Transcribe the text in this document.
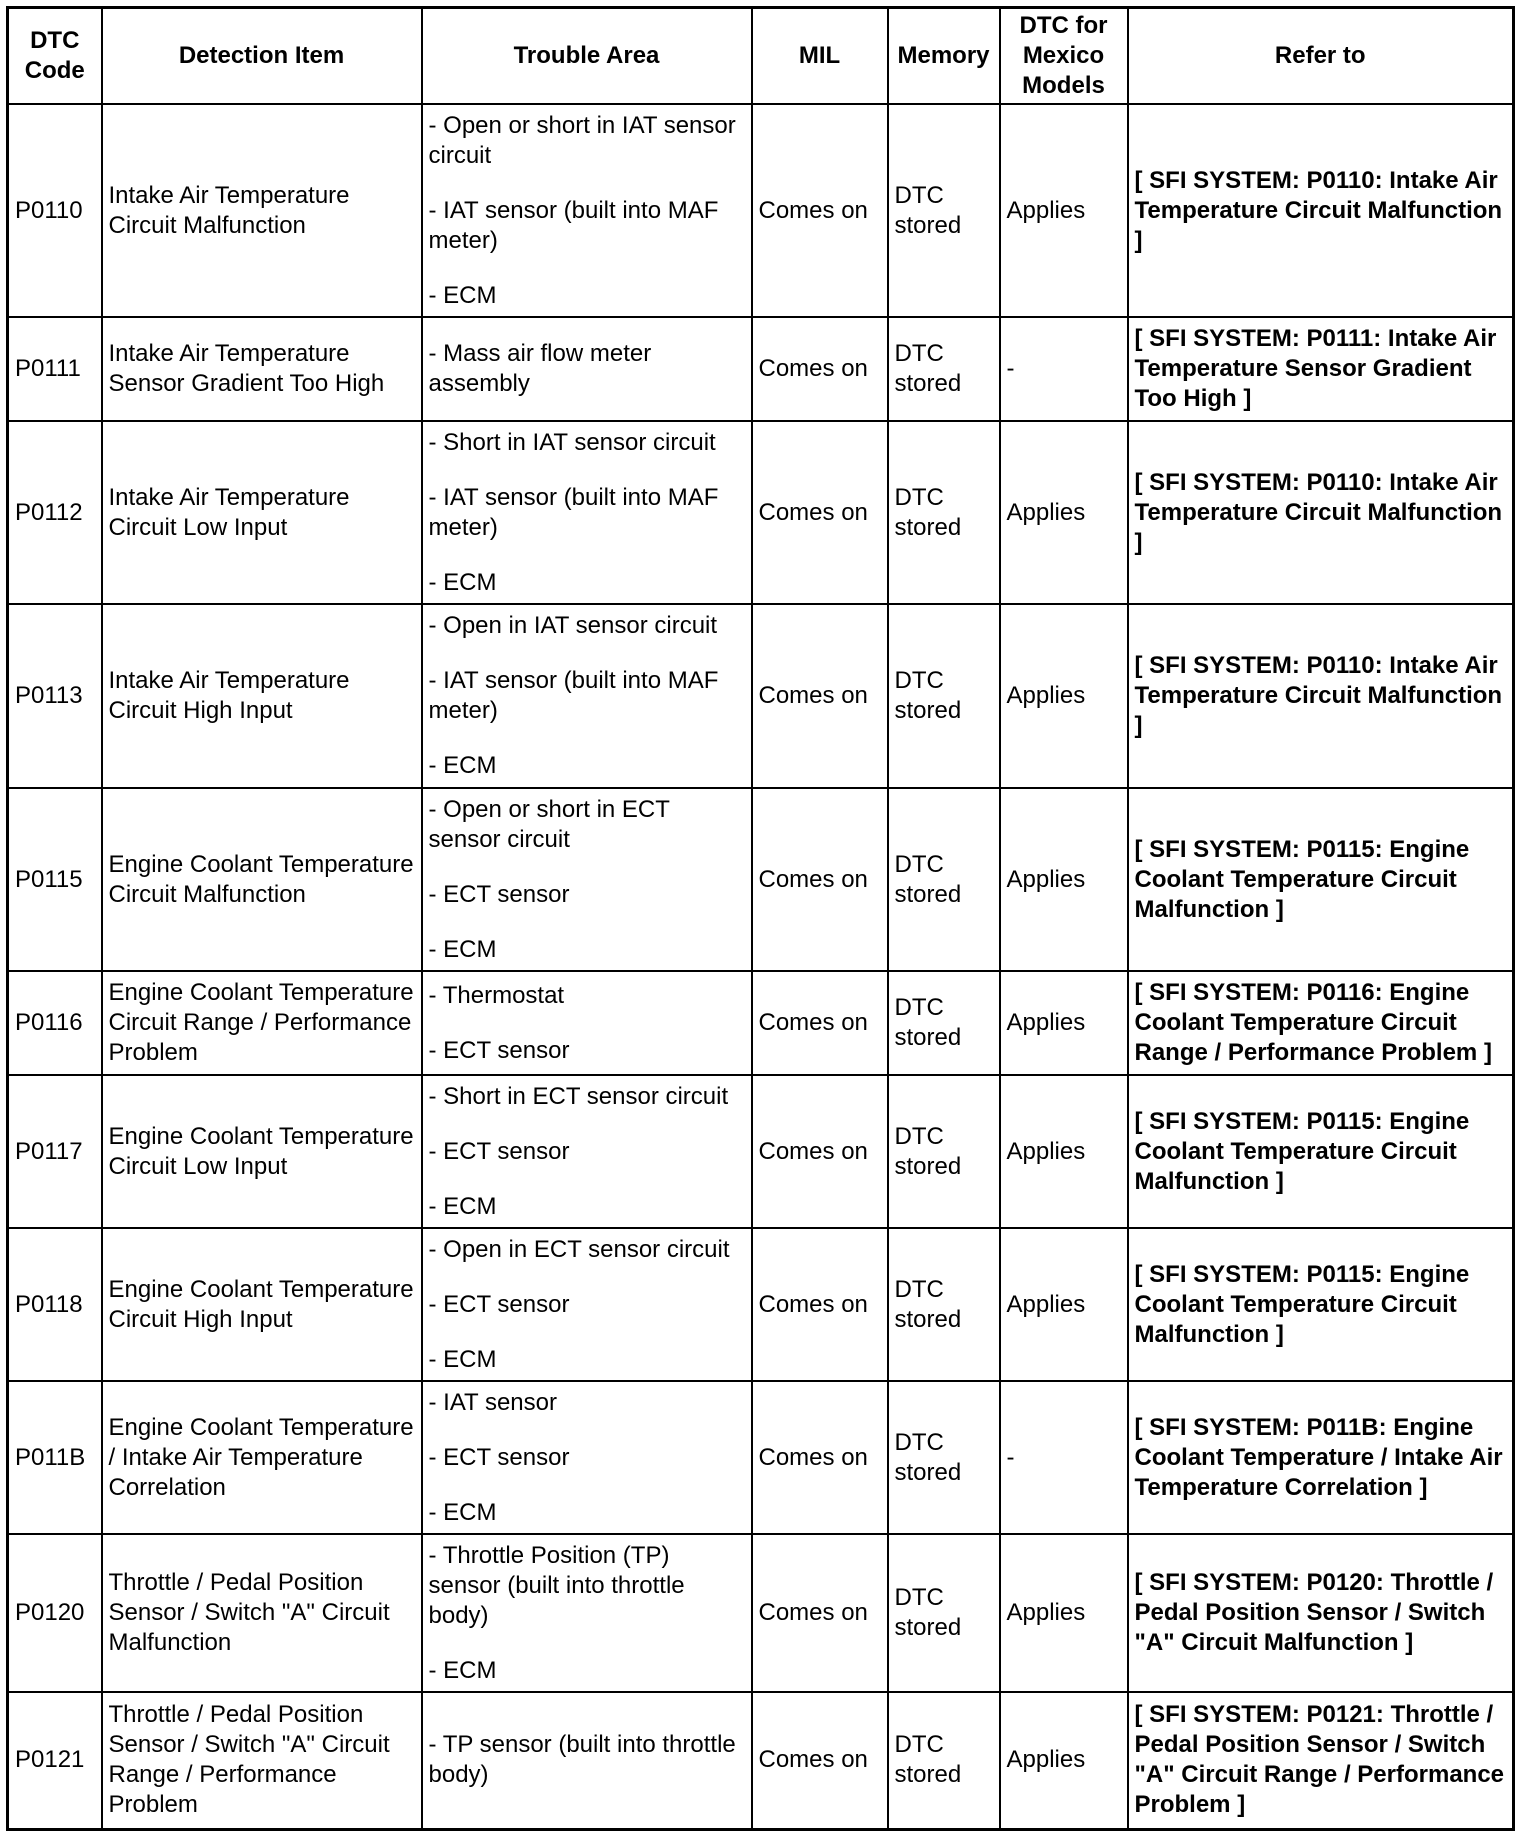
DTC Code	Detection Item	Trouble Area	MIL	Memory	DTC for Mexico Models	Refer to
P0110	Intake Air Temperature Circuit Malfunction	- Open or short in IAT sensor circuit
- IAT sensor (built into MAF meter)
- ECM	Comes on	DTC stored	Applies	[ SFI SYSTEM: P0110: Intake Air Temperature Circuit Malfunction ]
P0111	Intake Air Temperature Sensor Gradient Too High	- Mass air flow meter assembly	Comes on	DTC stored	-	[ SFI SYSTEM: P0111: Intake Air Temperature Sensor Gradient Too High ]
P0112	Intake Air Temperature Circuit Low Input	- Short in IAT sensor circuit
- IAT sensor (built into MAF meter)
- ECM	Comes on	DTC stored	Applies	[ SFI SYSTEM: P0110: Intake Air Temperature Circuit Malfunction ]
P0113	Intake Air Temperature Circuit High Input	- Open in IAT sensor circuit
- IAT sensor (built into MAF meter)
- ECM	Comes on	DTC stored	Applies	[ SFI SYSTEM: P0110: Intake Air Temperature Circuit Malfunction ]
P0115	Engine Coolant Temperature Circuit Malfunction	- Open or short in ECT sensor circuit
- ECT sensor
- ECM	Comes on	DTC stored	Applies	[ SFI SYSTEM: P0115: Engine Coolant Temperature Circuit Malfunction ]
P0116	Engine Coolant Temperature Circuit Range / Performance Problem	- Thermostat
- ECT sensor	Comes on	DTC stored	Applies	[ SFI SYSTEM: P0116: Engine Coolant Temperature Circuit Range / Performance Problem ]
P0117	Engine Coolant Temperature Circuit Low Input	- Short in ECT sensor circuit
- ECT sensor
- ECM	Comes on	DTC stored	Applies	[ SFI SYSTEM: P0115: Engine Coolant Temperature Circuit Malfunction ]
P0118	Engine Coolant Temperature Circuit High Input	- Open in ECT sensor circuit
- ECT sensor
- ECM	Comes on	DTC stored	Applies	[ SFI SYSTEM: P0115: Engine Coolant Temperature Circuit Malfunction ]
P011B	Engine Coolant Temperature / Intake Air Temperature Correlation	- IAT sensor
- ECT sensor
- ECM	Comes on	DTC stored	-	[ SFI SYSTEM: P011B: Engine Coolant Temperature / Intake Air Temperature Correlation ]
P0120	Throttle / Pedal Position Sensor / Switch "A" Circuit Malfunction	- Throttle Position (TP) sensor (built into throttle body)
- ECM	Comes on	DTC stored	Applies	[ SFI SYSTEM: P0120: Throttle / Pedal Position Sensor / Switch "A" Circuit Malfunction ]
P0121	Throttle / Pedal Position Sensor / Switch "A" Circuit Range / Performance Problem	- TP sensor (built into throttle body)	Comes on	DTC stored	Applies	[ SFI SYSTEM: P0121: Throttle / Pedal Position Sensor / Switch "A" Circuit Range / Performance Problem ]
